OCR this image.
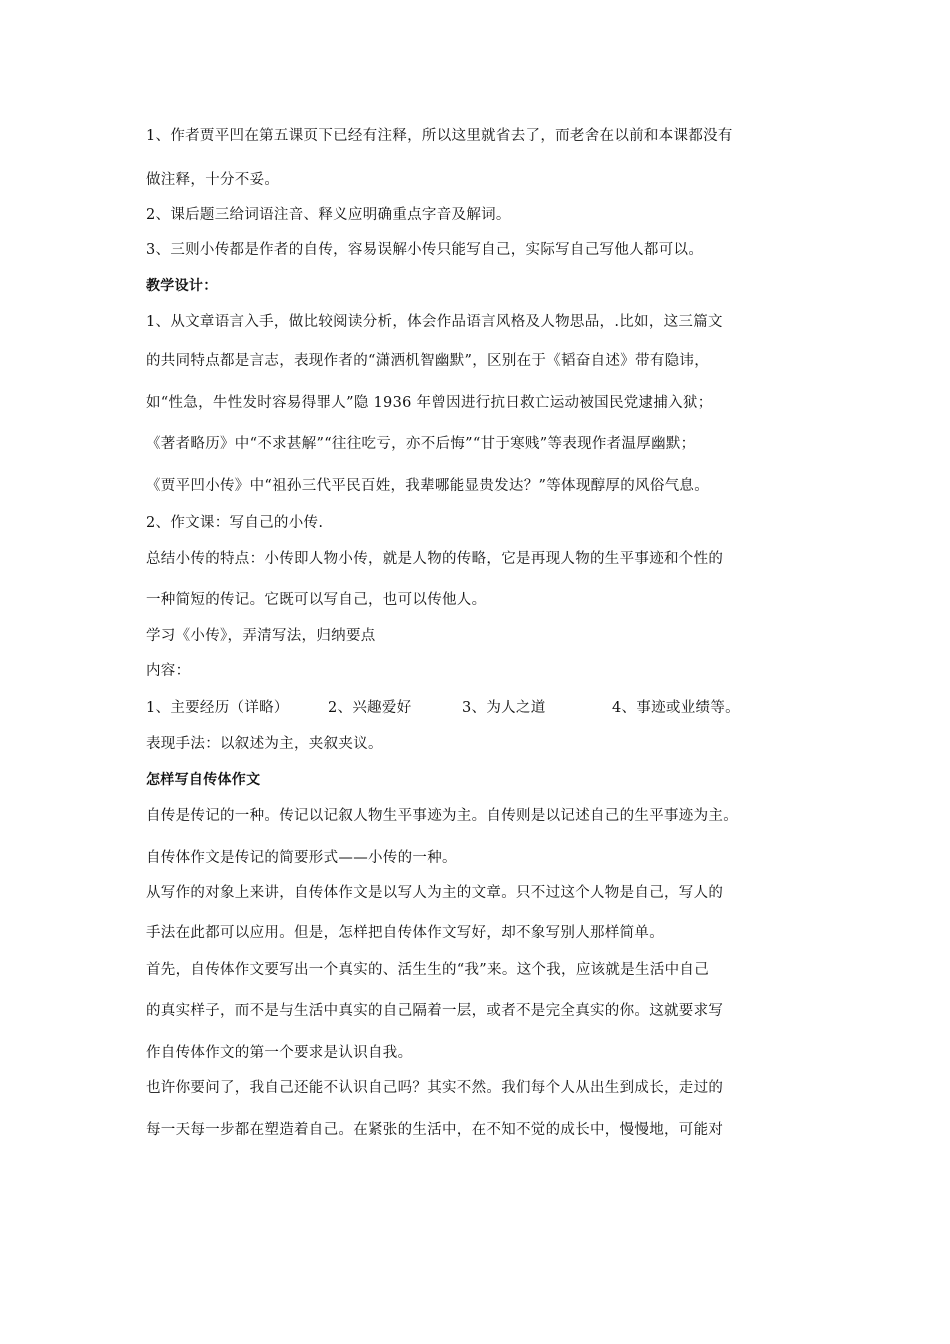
1、作者贾平凹在第五课页下已经有注释，所以这里就省去了，而老舍在以前和本课都没有
做注释，十分不妥。
2、课后题三给词语注音、释义应明确重点字音及解词。
3、三则小传都是作者的自传，容易误解小传只能写自己，实际写自己写他人都可以。
教学设计：
1、从文章语言入手，做比较阅读分析，体会作品语言风格及人物思品，.比如，这三篇文
的共同特点都是言志，表现作者的“潇洒机智幽默”，区别在于《韬奋自述》带有隐讳，
如“性急，牛性发时容易得罪人”隐 1936 年曾因进行抗日救亡运动被国民党逮捕入狱；
《著者略历》中“不求甚解”“往往吃亏，亦不后悔”“甘于寒贱”等表现作者温厚幽默；
《贾平凹小传》中“祖孙三代平民百姓，我辈哪能显贵发达？”等体现醇厚的风俗气息。
2、作文课：写自己的小传.
总结小传的特点：小传即人物小传，就是人物的传略，它是再现人物的生平事迹和个性的
一种简短的传记。它既可以写自己，也可以传他人。
学习《小传》，弄清写法，归纳要点
内容：
1、主要经历（详略）	2、兴趣爱好	3、为人之道	4、事迹或业绩等。
表现手法：以叙述为主，夹叙夹议。
怎样写自传体作文
自传是传记的一种。传记以记叙人物生平事迹为主。自传则是以记述自己的生平事迹为主。
自传体作文是传记的简要形式——小传的一种。
从写作的对象上来讲，自传体作文是以写人为主的文章。只不过这个人物是自己，写人的
手法在此都可以应用。但是，怎样把自传体作文写好，却不象写别人那样简单。
首先，自传体作文要写出一个真实的、活生生的“我”来。这个我，应该就是生活中自己
的真实样子，而不是与生活中真实的自己隔着一层，或者不是完全真实的你。这就要求写
作自传体作文的第一个要求是认识自我。
也许你要问了，我自己还能不认识自己吗？其实不然。我们每个人从出生到成长，走过的
每一天每一步都在塑造着自己。在紧张的生活中，在不知不觉的成长中，慢慢地，可能对
